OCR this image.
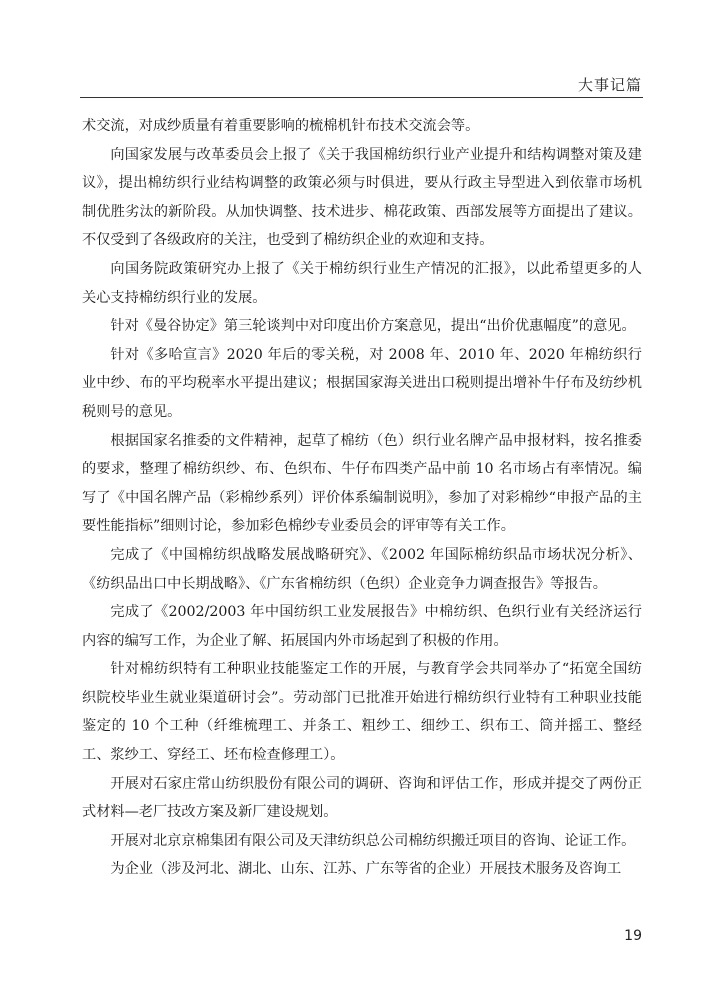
大事记篇

术交流，对成纱质量有着重要影响的梳棉机针布技术交流会等。

向国家发展与改革委员会上报了《关于我国棉纺织行业产业提升和结构调整对策及建议》，提出棉纺织行业结构调整的政策必须与时俱进，要从行政主导型进入到依靠市场机制优胜劣汰的新阶段。从加快调整、技术进步、棉花政策、西部发展等方面提出了建议。不仅受到了各级政府的关注，也受到了棉纺织企业的欢迎和支持。

向国务院政策研究办上报了《关于棉纺织行业生产情况的汇报》，以此希望更多的人关心支持棉纺织行业的发展。

针对《曼谷协定》第三轮谈判中对印度出价方案意见，提出“出价优惠幅度”的意见。

针对《多哈宣言》2020 年后的零关税，对 2008 年、2010 年、2020 年棉纺织行业中纱、布的平均税率水平提出建议；根据国家海关进出口税则提出增补牛仔布及纺纱机税则号的意见。

根据国家名推委的文件精神，起草了棉纺（色）织行业名牌产品申报材料，按名推委的要求，整理了棉纺织纱、布、色织布、牛仔布四类产品中前 10 名市场占有率情况。编写了《中国名牌产品（彩棉纱系列）评价体系编制说明》，参加了对彩棉纱“申报产品的主要性能指标”细则讨论，参加彩色棉纱专业委员会的评审等有关工作。

完成了《中国棉纺织战略发展战略研究》、《2002 年国际棉纺织品市场状况分析》、《纺织品出口中长期战略》、《广东省棉纺织（色织）企业竞争力调查报告》等报告。

完成了《2002/2003 年中国纺织工业发展报告》中棉纺织、色织行业有关经济运行内容的编写工作，为企业了解、拓展国内外市场起到了积极的作用。

针对棉纺织特有工种职业技能鉴定工作的开展，与教育学会共同举办了“拓宽全国纺织院校毕业生就业渠道研讨会”。劳动部门已批准开始进行棉纺织行业特有工种职业技能鉴定的 10 个工种（纤维梳理工、并条工、粗纱工、细纱工、织布工、筒并摇工、整经工、浆纱工、穿经工、坯布检查修理工）。

开展对石家庄常山纺织股份有限公司的调研、咨询和评估工作，形成并提交了两份正式材料—老厂技改方案及新厂建设规划。

开展对北京京棉集团有限公司及天津纺织总公司棉纺织搬迁项目的咨询、论证工作。

为企业（涉及河北、湖北、山东、江苏、广东等省的企业）开展技术服务及咨询工

19
